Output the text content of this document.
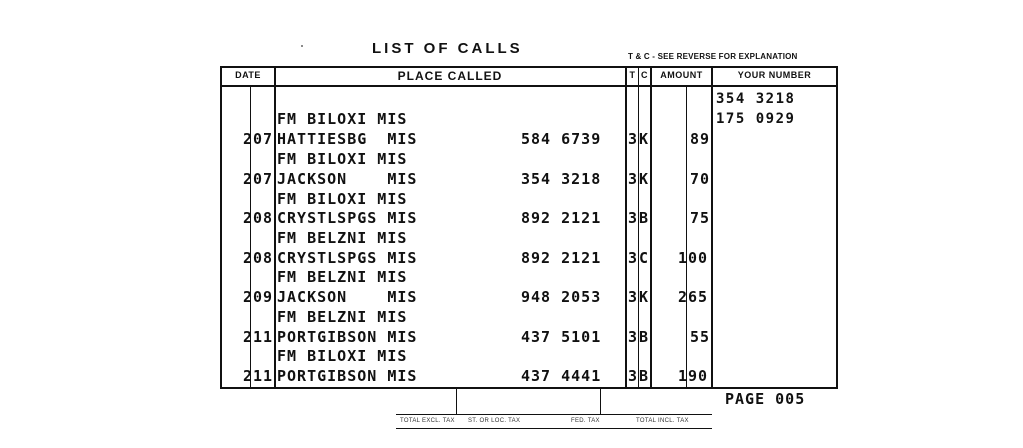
LIST OF CALLS	T & C - SEE REVERSE FOR EXPLANATION
DATE	PLACE CALLED	T C	AMOUNT	YOUR NUMBER
354 3218
175 0929
FM BILOXI MIS
207 HATTIESBG  MIS	584 6739 3 K	89
FM BILOXI MIS
207 JACKSON    MIS	354 3218 3 K	70
FM BILOXI MIS
208 CRYSTLSPGS MIS	892 2121 3 B	75
FM BELZNI MIS
208 CRYSTLSPGS MIS	892 2121 3 C 100
FM BELZNI MIS
209 JACKSON    MIS	948 2053 3 K 265
FM BELZNI MIS
211 PORTGIBSON MIS	437 5101 3 B	55
FM BILOXI MIS
211 PORTGIBSON MIS	437 4441 3 B 190
PAGE 005
TOTAL EXCL. TAX ST. OR LOC. TAX	FED. TAX	TOTAL INCL. TAX
